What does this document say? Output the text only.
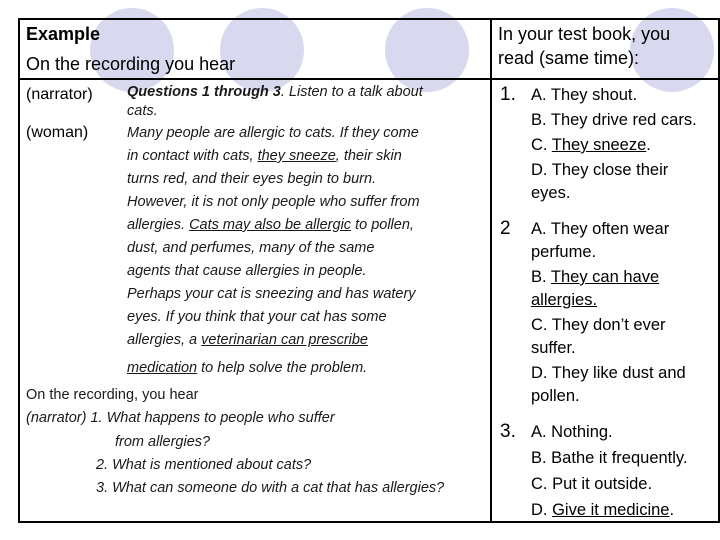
Example
On the recording you hear
In your test book, you
read (same time):
(narrator)
(woman)
Questions 1 through 3. Listen to a talk about
cats.
Many people are allergic to cats. If they come
in contact with cats, they sneeze, their skin
turns red, and their eyes begin to burn.
However, it is not only people who suffer from
allergies. Cats may also be allergic to pollen,
dust, and perfumes, many of the same
agents that cause allergies in people.
Perhaps your cat is sneezing and has watery
eyes. If you think that your cat has some
allergies, a veterinarian can prescribe
medication to help solve the problem.
On the recording, you hear
(narrator) 1. What happens to people who suffer
from allergies?
2. What is mentioned about cats?
3. What can someone do with a cat that has allergies?
1. A. They shout.
B. They drive red cars.
C. They sneeze.
D. They close their
eyes.
2 A. They often wear
perfume.
B. They can have
allergies.
C. They don’t ever
suffer.
D. They like dust and
pollen.
3. A. Nothing.
B. Bathe it frequently.
C. Put it outside.
D. Give it medicine.
